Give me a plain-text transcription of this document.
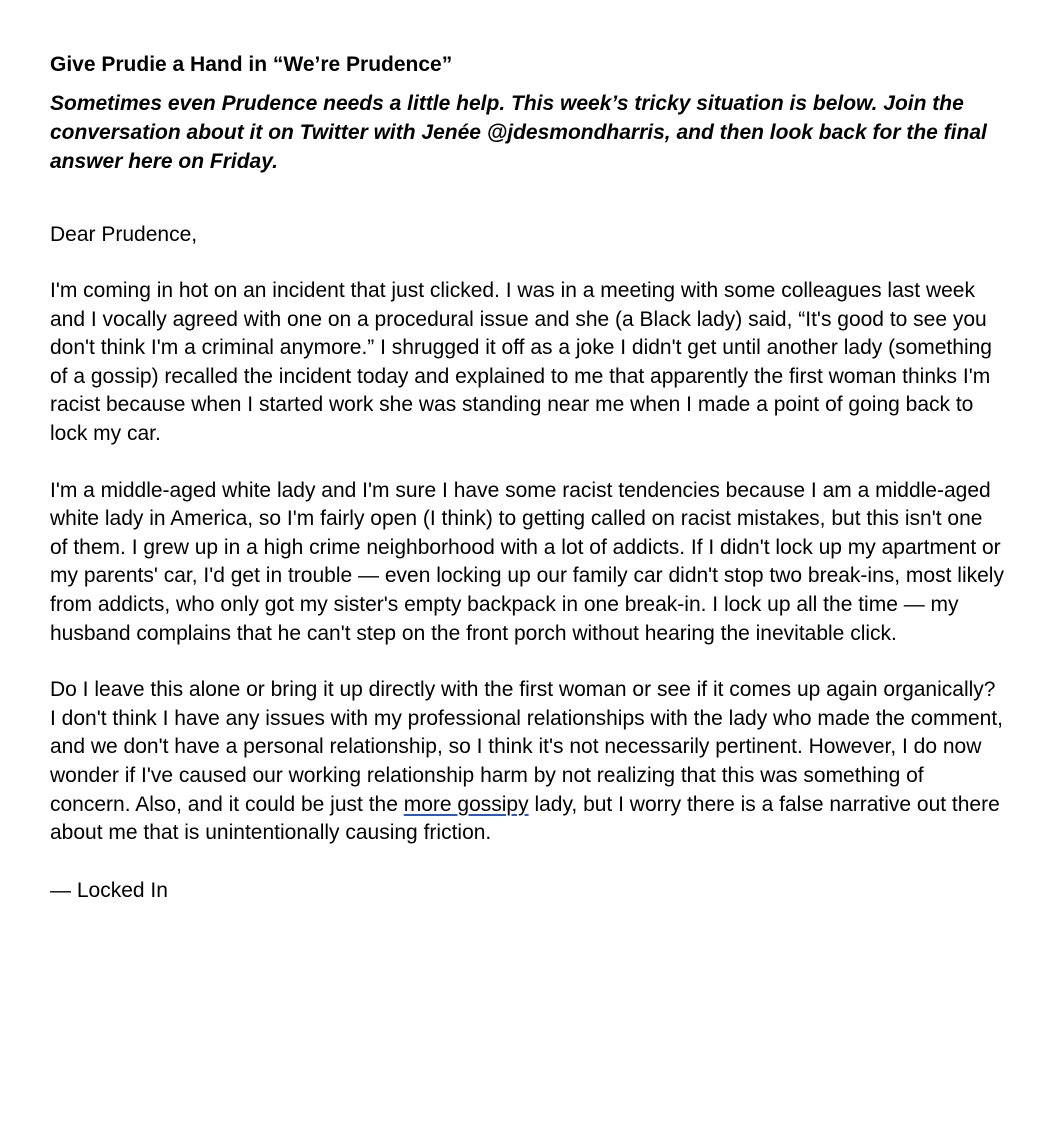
Give Prudie a Hand in “We’re Prudence”
Sometimes even Prudence needs a little help. This week’s tricky situation is below. Join the conversation about it on Twitter with Jenée @jdesmondharris, and then look back for the final answer here on Friday.
Dear Prudence,
I'm coming in hot on an incident that just clicked. I was in a meeting with some colleagues last week and I vocally agreed with one on a procedural issue and she (a Black lady) said, “It's good to see you don't think I'm a criminal anymore.” I shrugged it off as a joke I didn't get until another lady (something of a gossip) recalled the incident today and explained to me that apparently the first woman thinks I'm racist because when I started work she was standing near me when I made a point of going back to lock my car.
I'm a middle-aged white lady and I'm sure I have some racist tendencies because I am a middle-aged white lady in America, so I'm fairly open (I think) to getting called on racist mistakes, but this isn't one of them. I grew up in a high crime neighborhood with a lot of addicts. If I didn't lock up my apartment or my parents' car, I'd get in trouble — even locking up our family car didn't stop two break-ins, most likely from addicts, who only got my sister's empty backpack in one break-in. I lock up all the time — my husband complains that he can't step on the front porch without hearing the inevitable click.
Do I leave this alone or bring it up directly with the first woman or see if it comes up again organically? I don't think I have any issues with my professional relationships with the lady who made the comment, and we don't have a personal relationship, so I think it's not necessarily pertinent. However, I do now wonder if I've caused our working relationship harm by not realizing that this was something of concern. Also, and it could be just the more gossipy lady, but I worry there is a false narrative out there about me that is unintentionally causing friction.
— Locked In
